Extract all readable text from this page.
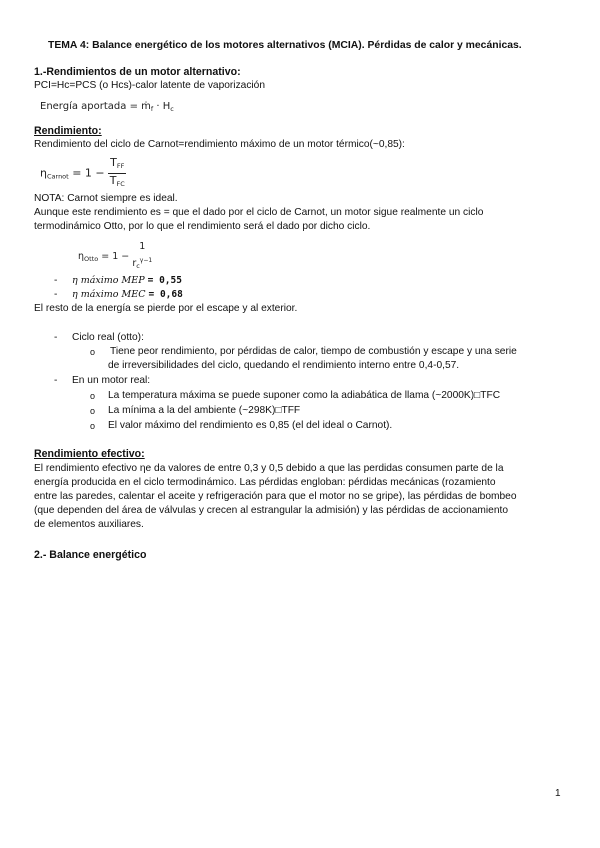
TEMA 4: Balance energético de los motores alternativos (MCIA). Pérdidas de calor y mecánicas.
1.-Rendimientos de un motor alternativo:
PCI=Hc=PCS (o Hcs)-calor latente de vaporización
Energía aportada = ṁ$_f$ · $H_c$
Rendimiento:
Rendimiento del ciclo de Carnot=rendimiento máximo de un motor térmico(~0,85):
$\eta_{Carnot} = 1 - \frac{T_{FF}}{T_{FC}}$
NOTA: Carnot siempre es ideal.
Aunque este rendimiento es = que el dado por el ciclo de Carnot, un motor sigue realmente un ciclo
termodinámico Otto, por lo que el rendimiento será el dado por dicho ciclo.
$\eta_{Otto} = 1$ −
1
$r_c^{\gamma-1}$
- η máximo MEP = 0,55
- η máximo MEC = 0,68
El resto de la energía se pierde por el escape y al exterior.
- Ciclo real (otto):
o Tiene peor rendimiento, por pérdidas de calor, tiempo de combustión y escape y una serie
de irreversibilidades del ciclo, quedando el rendimiento interno entre 0,4-0,57.
- En un motor real:
o La temperatura máxima se puede suponer como la adiabática de llama (~2000K)□TFC
o La mínima a la del ambiente (~298K)□TFF
o El valor máximo del rendimiento es 0,85 (el del ideal o Carnot).
Rendimiento efectivo:
El rendimiento efectivo ηe da valores de entre 0,3 y 0,5 debido a que las perdidas consumen parte de la
energía producida en el ciclo termodinámico. Las pérdidas engloban: pérdidas mecánicas (rozamiento
entre las paredes, calentar el aceite y refrigeración para que el motor no se gripe), las pérdidas de bombeo
(que dependen del área de válvulas y crecen al estrangular la admisión) y las pérdidas de accionamiento
de elementos auxiliares.
2.- Balance energético
1
